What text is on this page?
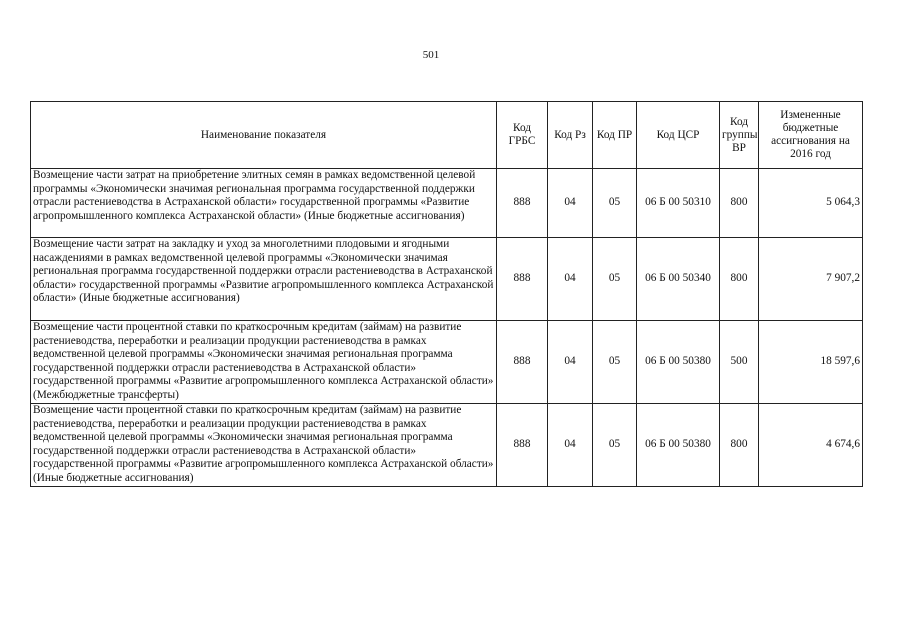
501
Наименование показателя	Код ГРБС	Код Рз	Код ПР	Код ЦСР	Код группы ВР	Измененные бюджетные ассигнования на 2016 год
Возмещение части затрат на приобретение элитных семян в рамках ведомственной целевой программы «Экономически значимая региональная программа государственной поддержки отрасли растениеводства в Астраханской области» государственной программы «Развитие агропромышленного комплекса Астраханской области» (Иные бюджетные ассигнования)	888	04	05	06 Б 00 50310	800	5 064,3
Возмещение части затрат на закладку и уход за многолетними плодовыми и ягодными насаждениями в рамках ведомственной целевой программы «Экономически значимая региональная программа государственной поддержки отрасли растениеводства в Астраханской области» государственной программы «Развитие агропромышленного комплекса Астраханской области» (Иные бюджетные ассигнования)	888	04	05	06 Б 00 50340	800	7 907,2
Возмещение части процентной ставки по краткосрочным кредитам (займам) на развитие растениеводства, переработки и реализации продукции растениеводства в рамках ведомственной целевой программы «Экономически значимая региональная программа государственной поддержки отрасли растениеводства в Астраханской области» государственной программы «Развитие агропромышленного комплекса Астраханской области» (Межбюджетные трансферты)	888	04	05	06 Б 00 50380	500	18 597,6
Возмещение части процентной ставки по краткосрочным кредитам (займам) на развитие растениеводства, переработки и реализации продукции растениеводства в рамках ведомственной целевой программы «Экономически значимая региональная программа государственной поддержки отрасли растениеводства в Астраханской области» государственной программы «Развитие агропромышленного комплекса Астраханской области» (Иные бюджетные ассигнования)	888	04	05	06 Б 00 50380	800	4 674,6
